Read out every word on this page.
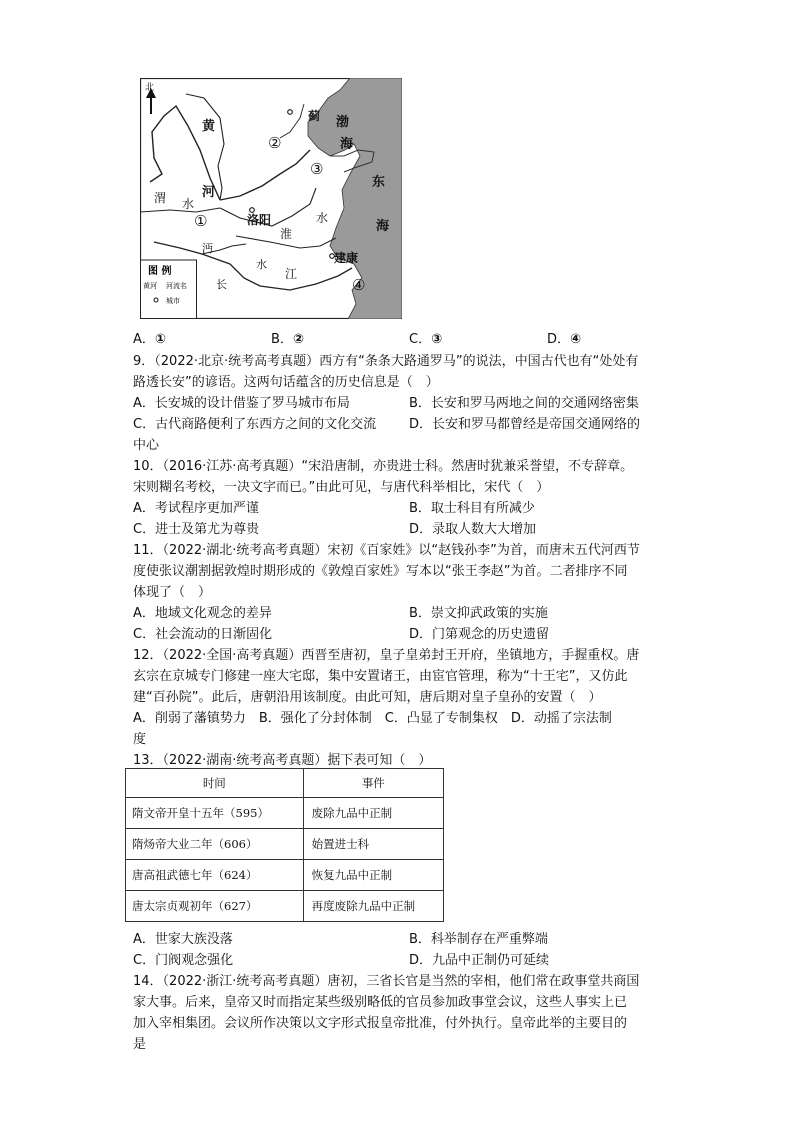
北
黄
河
蓟 渤
海
东
海
洛阳
建康
渭 水
水
淮
沔
水
江
长
①
②
③
④
图 例
黄河 河流名
城市
A．①	B．②	C．③	D．④
9．（2022·北京·统考高考真题）西方有“条条大路通罗马”的说法，中国古代也有“处处有
路透长安”的谚语。这两句话蕴含的历史信息是（　）
A．长安城的设计借鉴了罗马城市布局	B．长安和罗马两地之间的交通网络密集
C．古代商路便利了东西方之间的文化交流	D．长安和罗马都曾经是帝国交通网络的
中心
10．（2016·江苏·高考真题）“宋沿唐制，亦贵进士科。然唐时犹兼采誉望，不专辞章。
宋则糊名考校，一决文字而已。”由此可见，与唐代科举相比，宋代（　）
A．考试程序更加严谨	B．取士科目有所减少
C．进士及第尤为尊贵	D．录取人数大大增加
11．（2022·湖北·统考高考真题）宋初《百家姓》以“赵钱孙李”为首，而唐末五代河西节
度使张议潮割据敦煌时期形成的《敦煌百家姓》写本以“张王李赵”为首。二者排序不同
体现了（　）
A．地域文化观念的差异	B．崇文抑武政策的实施
C．社会流动的日渐固化	D．门第观念的历史遗留
12．（2022·全国·高考真题）西晋至唐初，皇子皇弟封王开府，坐镇地方，手握重权。唐
玄宗在京城专门修建一座大宅邸，集中安置诸王，由宦官管理，称为“十王宅”，又仿此
建“百孙院”。此后，唐朝沿用该制度。由此可知，唐后期对皇子皇孙的安置（　）
A．削弱了藩镇势力　B．强化了分封体制　C．凸显了专制集权　D．动摇了宗法制
度
13．（2022·湖南·统考高考真题）据下表可知（　）
时间	事件
隋文帝开皇十五年（595）	废除九品中正制
隋炀帝大业二年（606）	始置进士科
唐高祖武德七年（624）	恢复九品中正制
唐太宗贞观初年（627）	再度废除九品中正制
A．世家大族没落	B．科举制存在严重弊端
C．门阀观念强化	D．九品中正制仍可延续
14．（2022·浙江·统考高考真题）唐初，三省长官是当然的宰相，他们常在政事堂共商国
家大事。后来，皇帝又时而指定某些级别略低的官员参加政事堂会议，这些人事实上已
加入宰相集团。会议所作决策以文字形式报皇帝批准，付外执行。皇帝此举的主要目的
是
